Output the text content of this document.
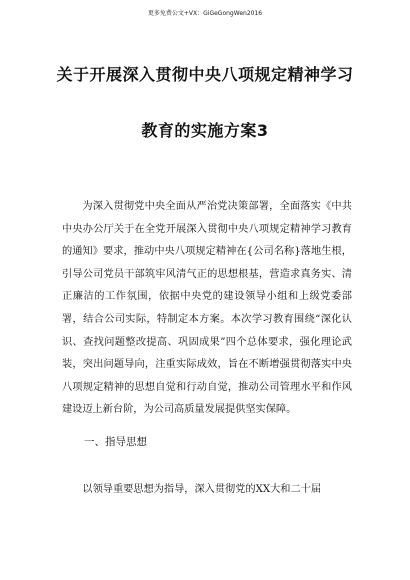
更多免费公文+VX：GiGeGongWen2016
关于开展深入贯彻中央八项规定精神学习
教育的实施方案3

为深入贯彻党中央全面从严治党决策部署，全面落实《中共中央办公厅关于在全党开展深入贯彻中央八项规定精神学习教育的通知》要求，推动中央八项规定精神在{公司名称}落地生根，引导公司党员干部筑牢风清气正的思想根基，营造求真务实、清正廉洁的工作氛围，依据中央党的建设领导小组和上级党委部署，结合公司实际，特制定本方案。本次学习教育围绕“深化认识、查找问题整改提高、巩固成果”四个总体要求，强化理论武装，突出问题导向，注重实际成效，旨在不断增强贯彻落实中央八项规定精神的思想自觉和行动自觉，推动公司管理水平和作风建设迈上新台阶，为公司高质量发展提供坚实保障。

一、指导思想
以领导重要思想为指导，深入贯彻党的XX大和二十届
